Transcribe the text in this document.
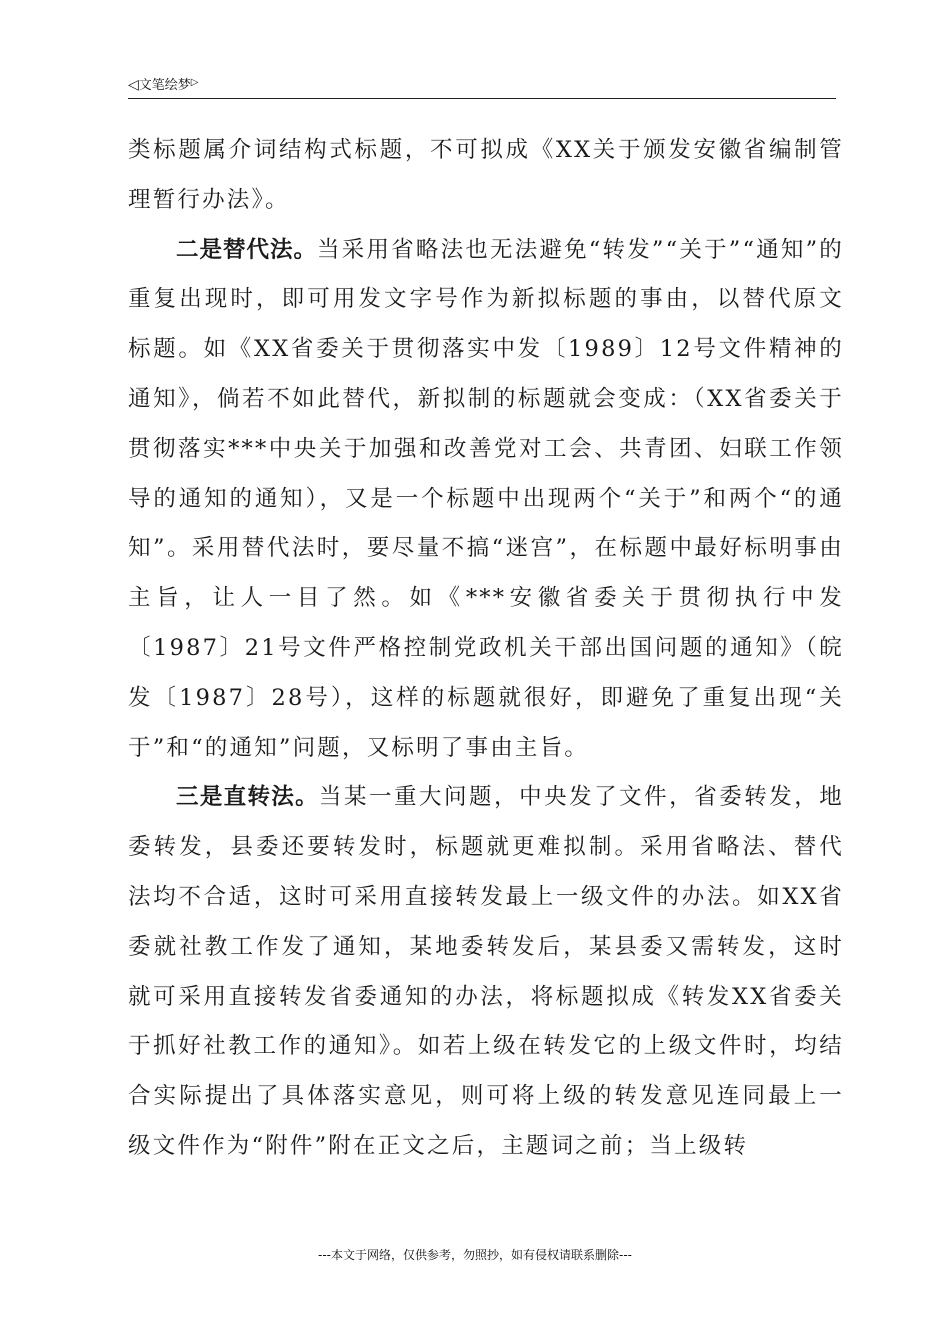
◁文笔绘梦▷

类标题属介词结构式标题，不可拟成《XX关于颁发安徽省编制管理暂行办法》。

二是替代法。当采用省略法也无法避免“转发”“关于”“通知”的重复出现时，即可用发文字号作为新拟标题的事由，以替代原文标题。如《XX省委关于贯彻落实中发〔1989〕12号文件精神的通知》，倘若不如此替代，新拟制的标题就会变成：（XX省委关于贯彻落实***中央关于加强和改善党对工会、共青团、妇联工作领导的通知的通知），又是一个标题中出现两个“关于”和两个“的通知”。采用替代法时，要尽量不搞“迷宫”，在标题中最好标明事由主旨，让人一目了然。如《***安徽省委关于贯彻执行中发〔1987〕21号文件严格控制党政机关干部出国问题的通知》（皖发〔1987〕28号），这样的标题就很好，即避免了重复出现“关于”和“的通知”问题，又标明了事由主旨。

三是直转法。当某一重大问题，中央发了文件，省委转发，地委转发，县委还要转发时，标题就更难拟制。采用省略法、替代法均不合适，这时可采用直接转发最上一级文件的办法。如XX省委就社教工作发了通知，某地委转发后，某县委又需转发，这时就可采用直接转发省委通知的办法，将标题拟成《转发XX省委关于抓好社教工作的通知》。如若上级在转发它的上级文件时，均结合实际提出了具体落实意见，则可将上级的转发意见连同最上一级文件作为“附件”附在正文之后，主题词之前；当上级转

---本文于网络，仅供参考，勿照抄，如有侵权请联系删除---
